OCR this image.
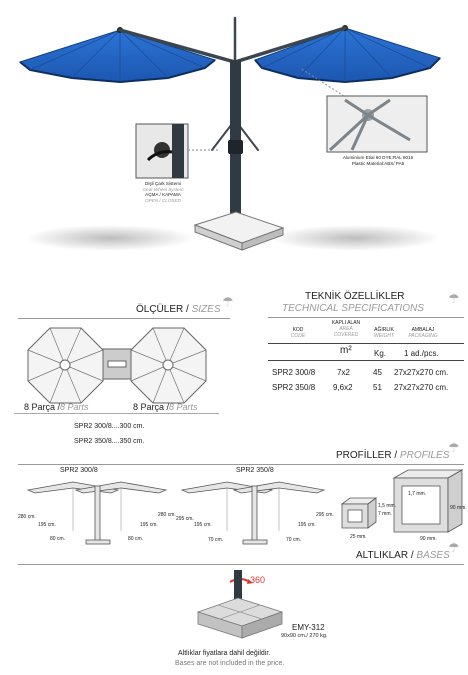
Dişli Çark Sistemi
Gear Wheel System
AÇMA / KAPAMA
OPEN / CLOSED
Aluminium Etial 60 DYE:RAL 9016
Plastic Material:ABS/ PA6
ÖLÇÜLER / SIZES
☂
8 Parça /8 Parts	8 Parça /8 Parts
SPR2 300/8....300 cm.
SPR2 350/8....350 cm.
TEKNİK ÖZELLİKLER
TECHNICAL SPECIFICATIONS
☂
KOD
CODE
KAPLI ALAN
AREA COVERED
AĞIRLIK
WEIGHT
AMBALAJ
PACKAGING
m²	Kg. 1 ad./pcs.
SPR2 300/8	7x2	45 27x27x270 cm.
SPR2 350/8 9,6x2	51 27x27x270 cm.
PROFİLLER / PROFILES
☂
SPR2 300/8	SPR2 350/8
280 cm.
195 cm.
80 cm.
195 cm.
80 cm.
280 cm.
295 cm.
195 cm.
70 cm.
195 cm.
70 cm.
295 cm.
1,5 mm.
7 mm.
25 mm.
1,7 mm.
90 mm.
90 mm.
ALTLIKLAR / BASES
☂
360
EMY-312
90x90 cm./ 270 kg.
Altlıklar fiyatlara dahil değildir.
Bases are not included in the price.
